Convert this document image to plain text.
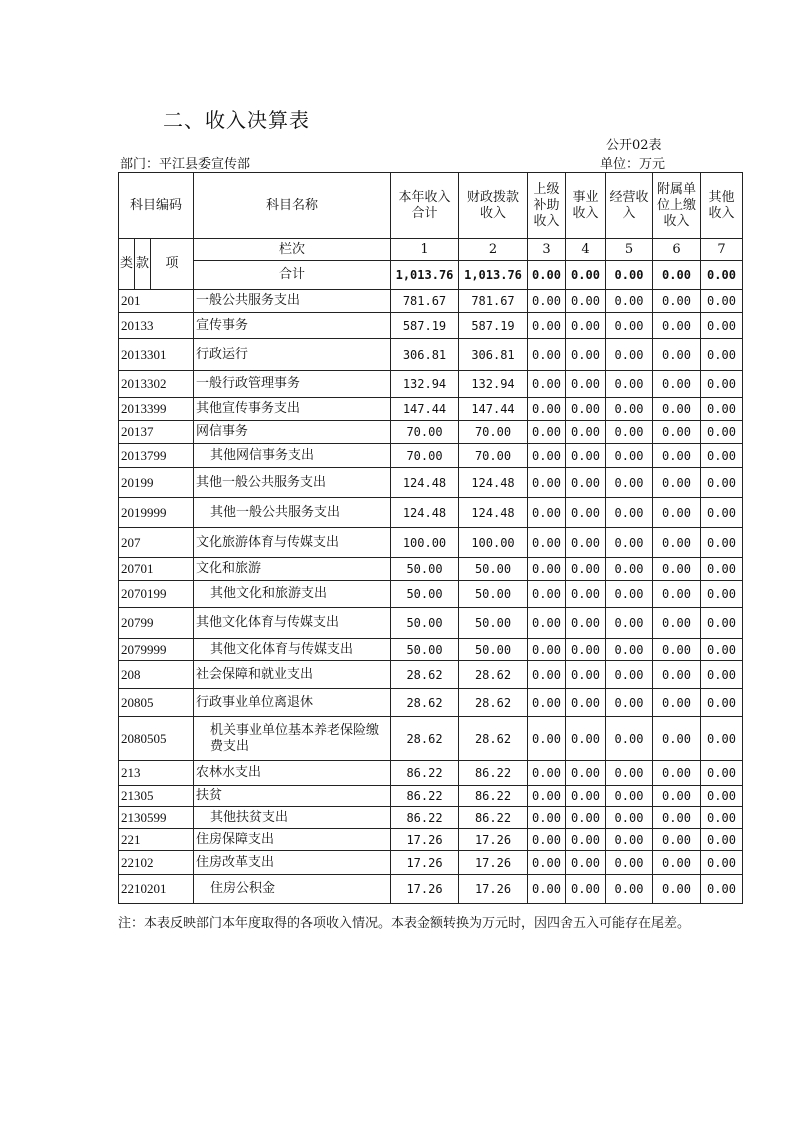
二、收入决算表
公开02表
部门：平江县委宣传部	单位：万元
科目编码			科目名称	本年收入合计	财政拨款收入	上级补助收入	事业收入	经营收入	附属单位上缴收入	其他收入
类	款	项	栏次	1	2	3	4	5	6	7
			合计	1,013.76	1,013.76	0.00	0.00	0.00	0.00	0.00
201			一般公共服务支出	781.67	781.67	0.00	0.00	0.00	0.00	0.00
20133			宣传事务	587.19	587.19	0.00	0.00	0.00	0.00	0.00
2013301			行政运行	306.81	306.81	0.00	0.00	0.00	0.00	0.00
2013302			一般行政管理事务	132.94	132.94	0.00	0.00	0.00	0.00	0.00
2013399			其他宣传事务支出	147.44	147.44	0.00	0.00	0.00	0.00	0.00
20137			网信事务	70.00	70.00	0.00	0.00	0.00	0.00	0.00
2013799			其他网信事务支出	70.00	70.00	0.00	0.00	0.00	0.00	0.00
20199			其他一般公共服务支出	124.48	124.48	0.00	0.00	0.00	0.00	0.00
2019999			其他一般公共服务支出	124.48	124.48	0.00	0.00	0.00	0.00	0.00
207			文化旅游体育与传媒支出	100.00	100.00	0.00	0.00	0.00	0.00	0.00
20701			文化和旅游	50.00	50.00	0.00	0.00	0.00	0.00	0.00
2070199			其他文化和旅游支出	50.00	50.00	0.00	0.00	0.00	0.00	0.00
20799			其他文化体育与传媒支出	50.00	50.00	0.00	0.00	0.00	0.00	0.00
2079999			其他文化体育与传媒支出	50.00	50.00	0.00	0.00	0.00	0.00	0.00
208			社会保障和就业支出	28.62	28.62	0.00	0.00	0.00	0.00	0.00
20805			行政事业单位离退休	28.62	28.62	0.00	0.00	0.00	0.00	0.00
2080505			机关事业单位基本养老保险缴费支出	28.62	28.62	0.00	0.00	0.00	0.00	0.00
213			农林水支出	86.22	86.22	0.00	0.00	0.00	0.00	0.00
21305			扶贫	86.22	86.22	0.00	0.00	0.00	0.00	0.00
2130599			其他扶贫支出	86.22	86.22	0.00	0.00	0.00	0.00	0.00
221			住房保障支出	17.26	17.26	0.00	0.00	0.00	0.00	0.00
22102			住房改革支出	17.26	17.26	0.00	0.00	0.00	0.00	0.00
2210201			住房公积金	17.26	17.26	0.00	0.00	0.00	0.00	0.00
注：本表反映部门本年度取得的各项收入情况。本表金额转换为万元时，因四舍五入可能存在尾差。
